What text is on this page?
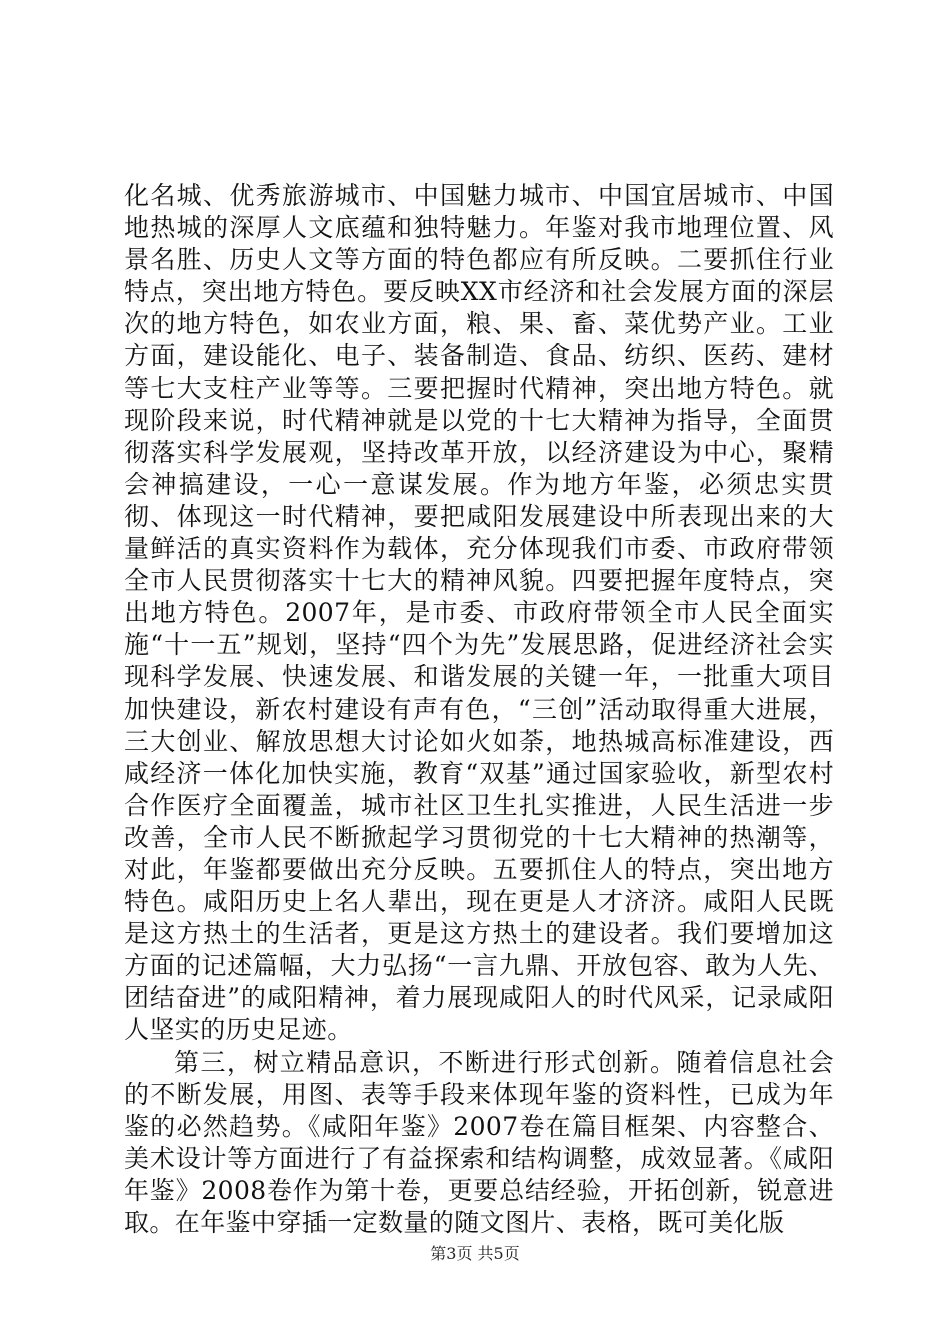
化名城、优秀旅游城市、中国魅力城市、中国宜居城市、中国地热城的深厚人文底蕴和独特魅力。年鉴对我市地理位置、风景名胜、历史人文等方面的特色都应有所反映。二要抓住行业特点，突出地方特色。要反映XX市经济和社会发展方面的深层次的地方特色，如农业方面，粮、果、畜、菜优势产业。工业方面，建设能化、电子、装备制造、食品、纺织、医药、建材等七大支柱产业等等。三要把握时代精神，突出地方特色。就现阶段来说，时代精神就是以党的十七大精神为指导，全面贯彻落实科学发展观，坚持改革开放，以经济建设为中心，聚精会神搞建设，一心一意谋发展。作为地方年鉴，必须忠实贯彻、体现这一时代精神，要把咸阳发展建设中所表现出来的大量鲜活的真实资料作为载体，充分体现我们市委、市政府带领全市人民贯彻落实十七大的精神风貌。四要把握年度特点，突出地方特色。2007年，是市委、市政府带领全市人民全面实施“十一五”规划，坚持“四个为先”发展思路，促进经济社会实现科学发展、快速发展、和谐发展的关键一年，一批重大项目加快建设，新农村建设有声有色，“三创”活动取得重大进展，三大创业、解放思想大讨论如火如荼，地热城高标准建设，西咸经济一体化加快实施，教育“双基”通过国家验收，新型农村合作医疗全面覆盖，城市社区卫生扎实推进，人民生活进一步改善，全市人民不断掀起学习贯彻党的十七大精神的热潮等，对此，年鉴都要做出充分反映。五要抓住人的特点，突出地方特色。咸阳历史上名人辈出，现在更是人才济济。咸阳人民既是这方热土的生活者，更是这方热土的建设者。我们要增加这方面的记述篇幅，大力弘扬“一言九鼎、开放包容、敢为人先、团结奋进”的咸阳精神，着力展现咸阳人的时代风采，记录咸阳人坚实的历史足迹。

第三，树立精品意识，不断进行形式创新。随着信息社会的不断发展，用图、表等手段来体现年鉴的资料性，已成为年鉴的必然趋势。《咸阳年鉴》2007卷在篇目框架、内容整合、美术设计等方面进行了有益探索和结构调整，成效显著。《咸阳年鉴》2008卷作为第十卷，更要总结经验，开拓创新，锐意进取。在年鉴中穿插一定数量的随文图片、表格，既可美化版

第3页 共5页
